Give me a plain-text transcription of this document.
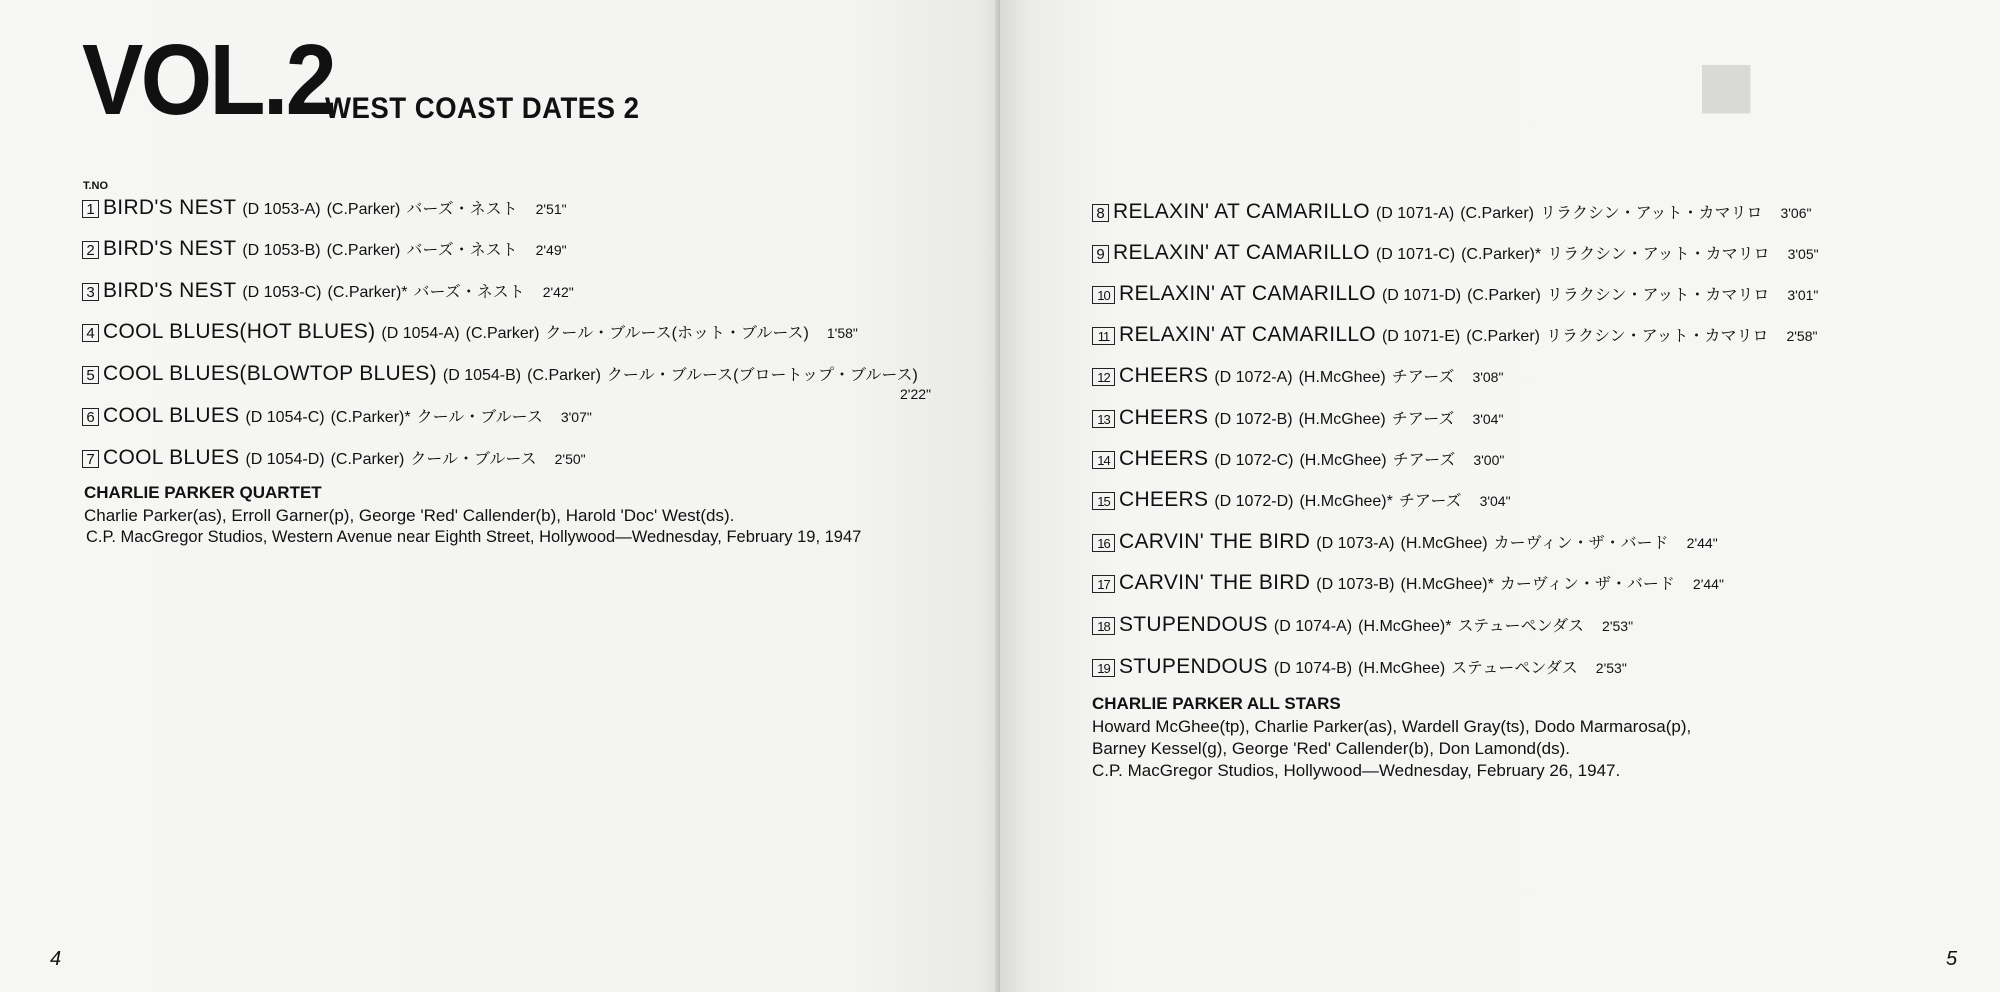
VOL.2
WEST COAST DATES 2
T.NO
1 BIRD'S NEST (D 1053-A) (C.Parker) バーズ・ネスト 2'51"
2 BIRD'S NEST (D 1053-B) (C.Parker) バーズ・ネスト 2'49"
3 BIRD'S NEST (D 1053-C) (C.Parker)* バーズ・ネスト 2'42"
4 COOL BLUES(HOT BLUES) (D 1054-A) (C.Parker) クール・ブルース(ホット・ブルース) 1'58"
2'22"
5 COOL BLUES(BLOWTOP BLUES) (D 1054-B) (C.Parker) クール・ブルース(ブロートップ・ブルース)
6 COOL BLUES (D 1054-C) (C.Parker)* クール・ブルース 3'07"
7 COOL BLUES (D 1054-D) (C.Parker) クール・ブルース 2'50"
CHARLIE PARKER QUARTET
Charlie Parker(as), Erroll Garner(p), George 'Red' Callender(b), Harold 'Doc' West(ds).
C.P. MacGregor Studios, Western Avenue near Eighth Street, Hollywood—Wednesday, February 19, 1947
4
■
8 RELAXIN' AT CAMARILLO (D 1071-A) (C.Parker) リラクシン・アット・カマリロ 3'06"
9 RELAXIN' AT CAMARILLO (D 1071-C) (C.Parker)* リラクシン・アット・カマリロ 3'05"
10 RELAXIN' AT CAMARILLO (D 1071-D) (C.Parker) リラクシン・アット・カマリロ 3'01"
11 RELAXIN' AT CAMARILLO (D 1071-E) (C.Parker) リラクシン・アット・カマリロ 2'58"
12 CHEERS (D 1072-A) (H.McGhee) チアーズ 3'08"
13 CHEERS (D 1072-B) (H.McGhee) チアーズ 3'04"
14 CHEERS (D 1072-C) (H.McGhee) チアーズ 3'00"
15 CHEERS (D 1072-D) (H.McGhee)* チアーズ 3'04"
16 CARVIN' THE BIRD (D 1073-A) (H.McGhee) カーヴィン・ザ・バード 2'44"
17 CARVIN' THE BIRD (D 1073-B) (H.McGhee)* カーヴィン・ザ・バード 2'44"
18 STUPENDOUS (D 1074-A) (H.McGhee)* ステューペンダス 2'53"
19 STUPENDOUS (D 1074-B) (H.McGhee) ステューペンダス 2'53"
CHARLIE PARKER ALL STARS
Howard McGhee(tp), Charlie Parker(as), Wardell Gray(ts), Dodo Marmarosa(p),
Barney Kessel(g), George 'Red' Callender(b), Don Lamond(ds).
C.P. MacGregor Studios, Hollywood—Wednesday, February 26, 1947.
5
